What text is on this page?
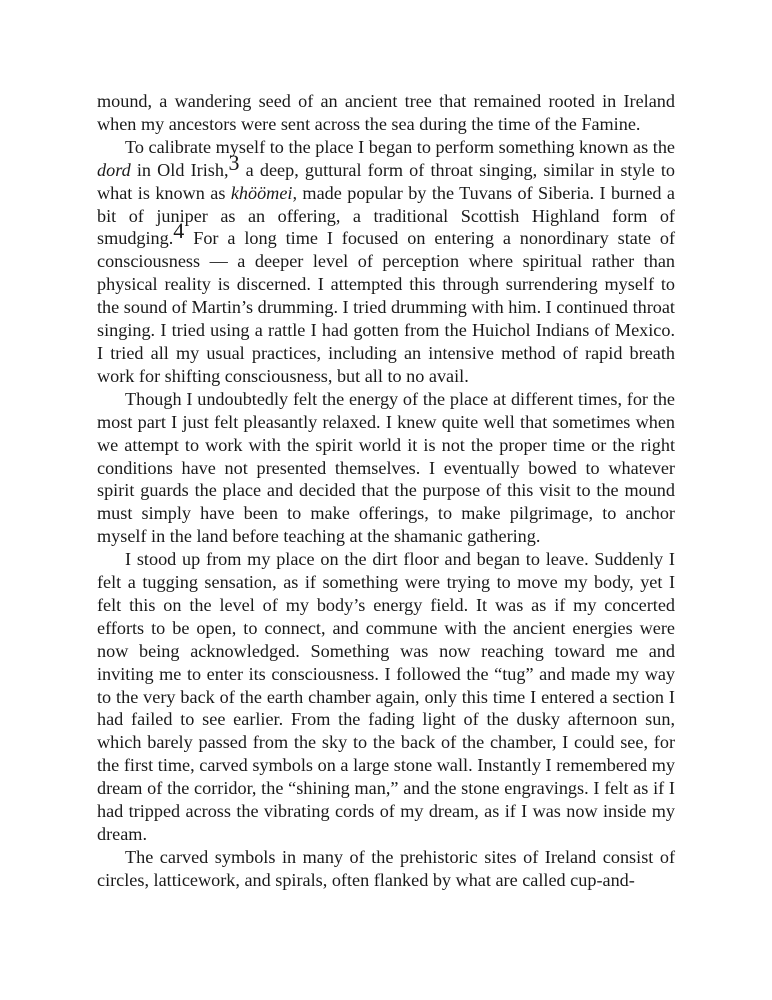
mound, a wandering seed of an ancient tree that remained rooted in Ireland when my ancestors were sent across the sea during the time of the Famine.

To calibrate myself to the place I began to perform something known as the dord in Old Irish,$^3$ a deep, guttural form of throat singing, similar in style to what is known as khöömei, made popular by the Tuvans of Siberia. I burned a bit of juniper as an offering, a traditional Scottish Highland form of smudging.$^4$ For a long time I focused on entering a nonordinary state of consciousness — a deeper level of perception where spiritual rather than physical reality is discerned. I attempted this through surrendering myself to the sound of Martin’s drumming. I tried drumming with him. I continued throat singing. I tried using a rattle I had gotten from the Huichol Indians of Mexico. I tried all my usual practices, including an intensive method of rapid breath work for shifting consciousness, but all to no avail.

Though I undoubtedly felt the energy of the place at different times, for the most part I just felt pleasantly relaxed. I knew quite well that sometimes when we attempt to work with the spirit world it is not the proper time or the right conditions have not presented themselves. I eventually bowed to whatever spirit guards the place and decided that the purpose of this visit to the mound must simply have been to make offerings, to make pilgrimage, to anchor myself in the land before teaching at the shamanic gathering.

I stood up from my place on the dirt floor and began to leave. Suddenly I felt a tugging sensation, as if something were trying to move my body, yet I felt this on the level of my body’s energy field. It was as if my concerted efforts to be open, to connect, and commune with the ancient energies were now being acknowledged. Something was now reaching toward me and inviting me to enter its consciousness. I followed the “tug” and made my way to the very back of the earth chamber again, only this time I entered a section I had failed to see earlier. From the fading light of the dusky afternoon sun, which barely passed from the sky to the back of the chamber, I could see, for the first time, carved symbols on a large stone wall. Instantly I remembered my dream of the corridor, the “shining man,” and the stone engravings. I felt as if I had tripped across the vibrating cords of my dream, as if I was now inside my dream.

The carved symbols in many of the prehistoric sites of Ireland consist of circles, latticework, and spirals, often flanked by what are called cup-and-
